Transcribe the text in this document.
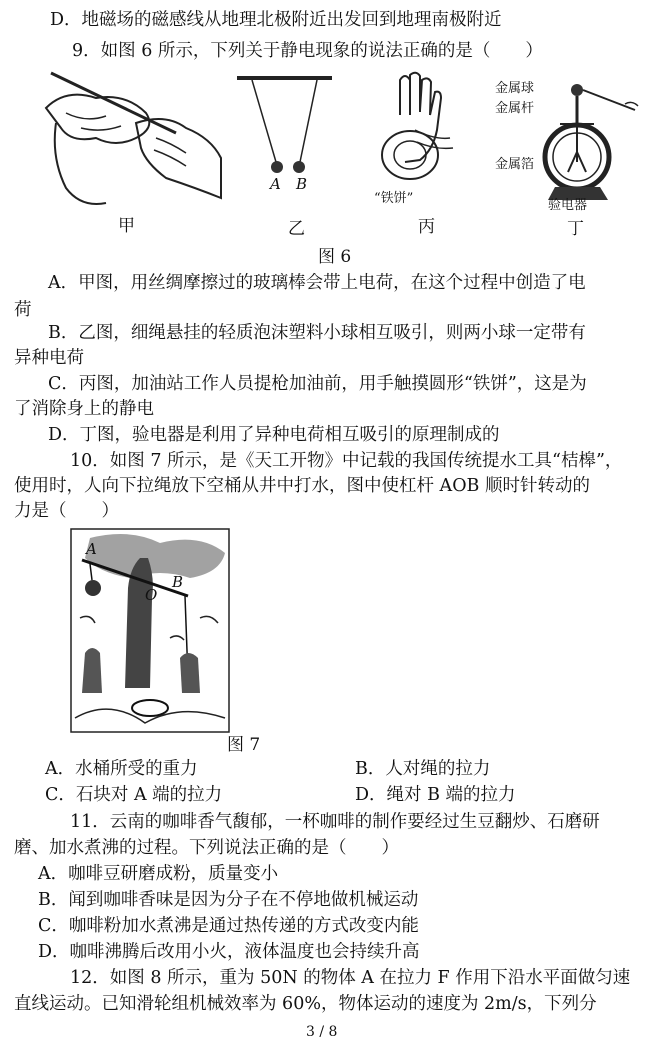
D．地磁场的磁感线从地理北极附近出发回到地理南极附近
9．如图 6 所示，下列关于静电现象的说法正确的是（　　）
甲
A B
乙
“铁饼”
丙
金属球
金属杆
金属箔
验电器
丁
图 6
A．甲图，用丝绸摩擦过的玻璃棒会带上电荷，在这个过程中创造了电
荷
B．乙图，细绳悬挂的轻质泡沫塑料小球相互吸引，则两小球一定带有
异种电荷
C．丙图，加油站工作人员提枪加油前，用手触摸圆形“铁饼”，这是为
了消除身上的静电
D．丁图，验电器是利用了异种电荷相互吸引的原理制成的
10．如图 7 所示，是《天工开物》中记载的我国传统提水工具“桔槔”，
使用时，人向下拉绳放下空桶从井中打水，图中使杠杆 AOB 顺时针转动的
力是（　　）
A
O
B
图 7
A．水桶所受的重力	B．人对绳的拉力
C．石块对 A 端的拉力	D．绳对 B 端的拉力
11．云南的咖啡香气馥郁，一杯咖啡的制作要经过生豆翻炒、石磨研
磨、加水煮沸的过程。下列说法正确的是（　　）
A．咖啡豆研磨成粉，质量变小
B．闻到咖啡香味是因为分子在不停地做机械运动
C．咖啡粉加水煮沸是通过热传递的方式改变内能
D．咖啡沸腾后改用小火，液体温度也会持续升高
12．如图 8 所示，重为 50N 的物体 A 在拉力 F 作用下沿水平面做匀速
直线运动。已知滑轮组机械效率为 60%，物体运动的速度为 2m/s，下列分
3 / 8
